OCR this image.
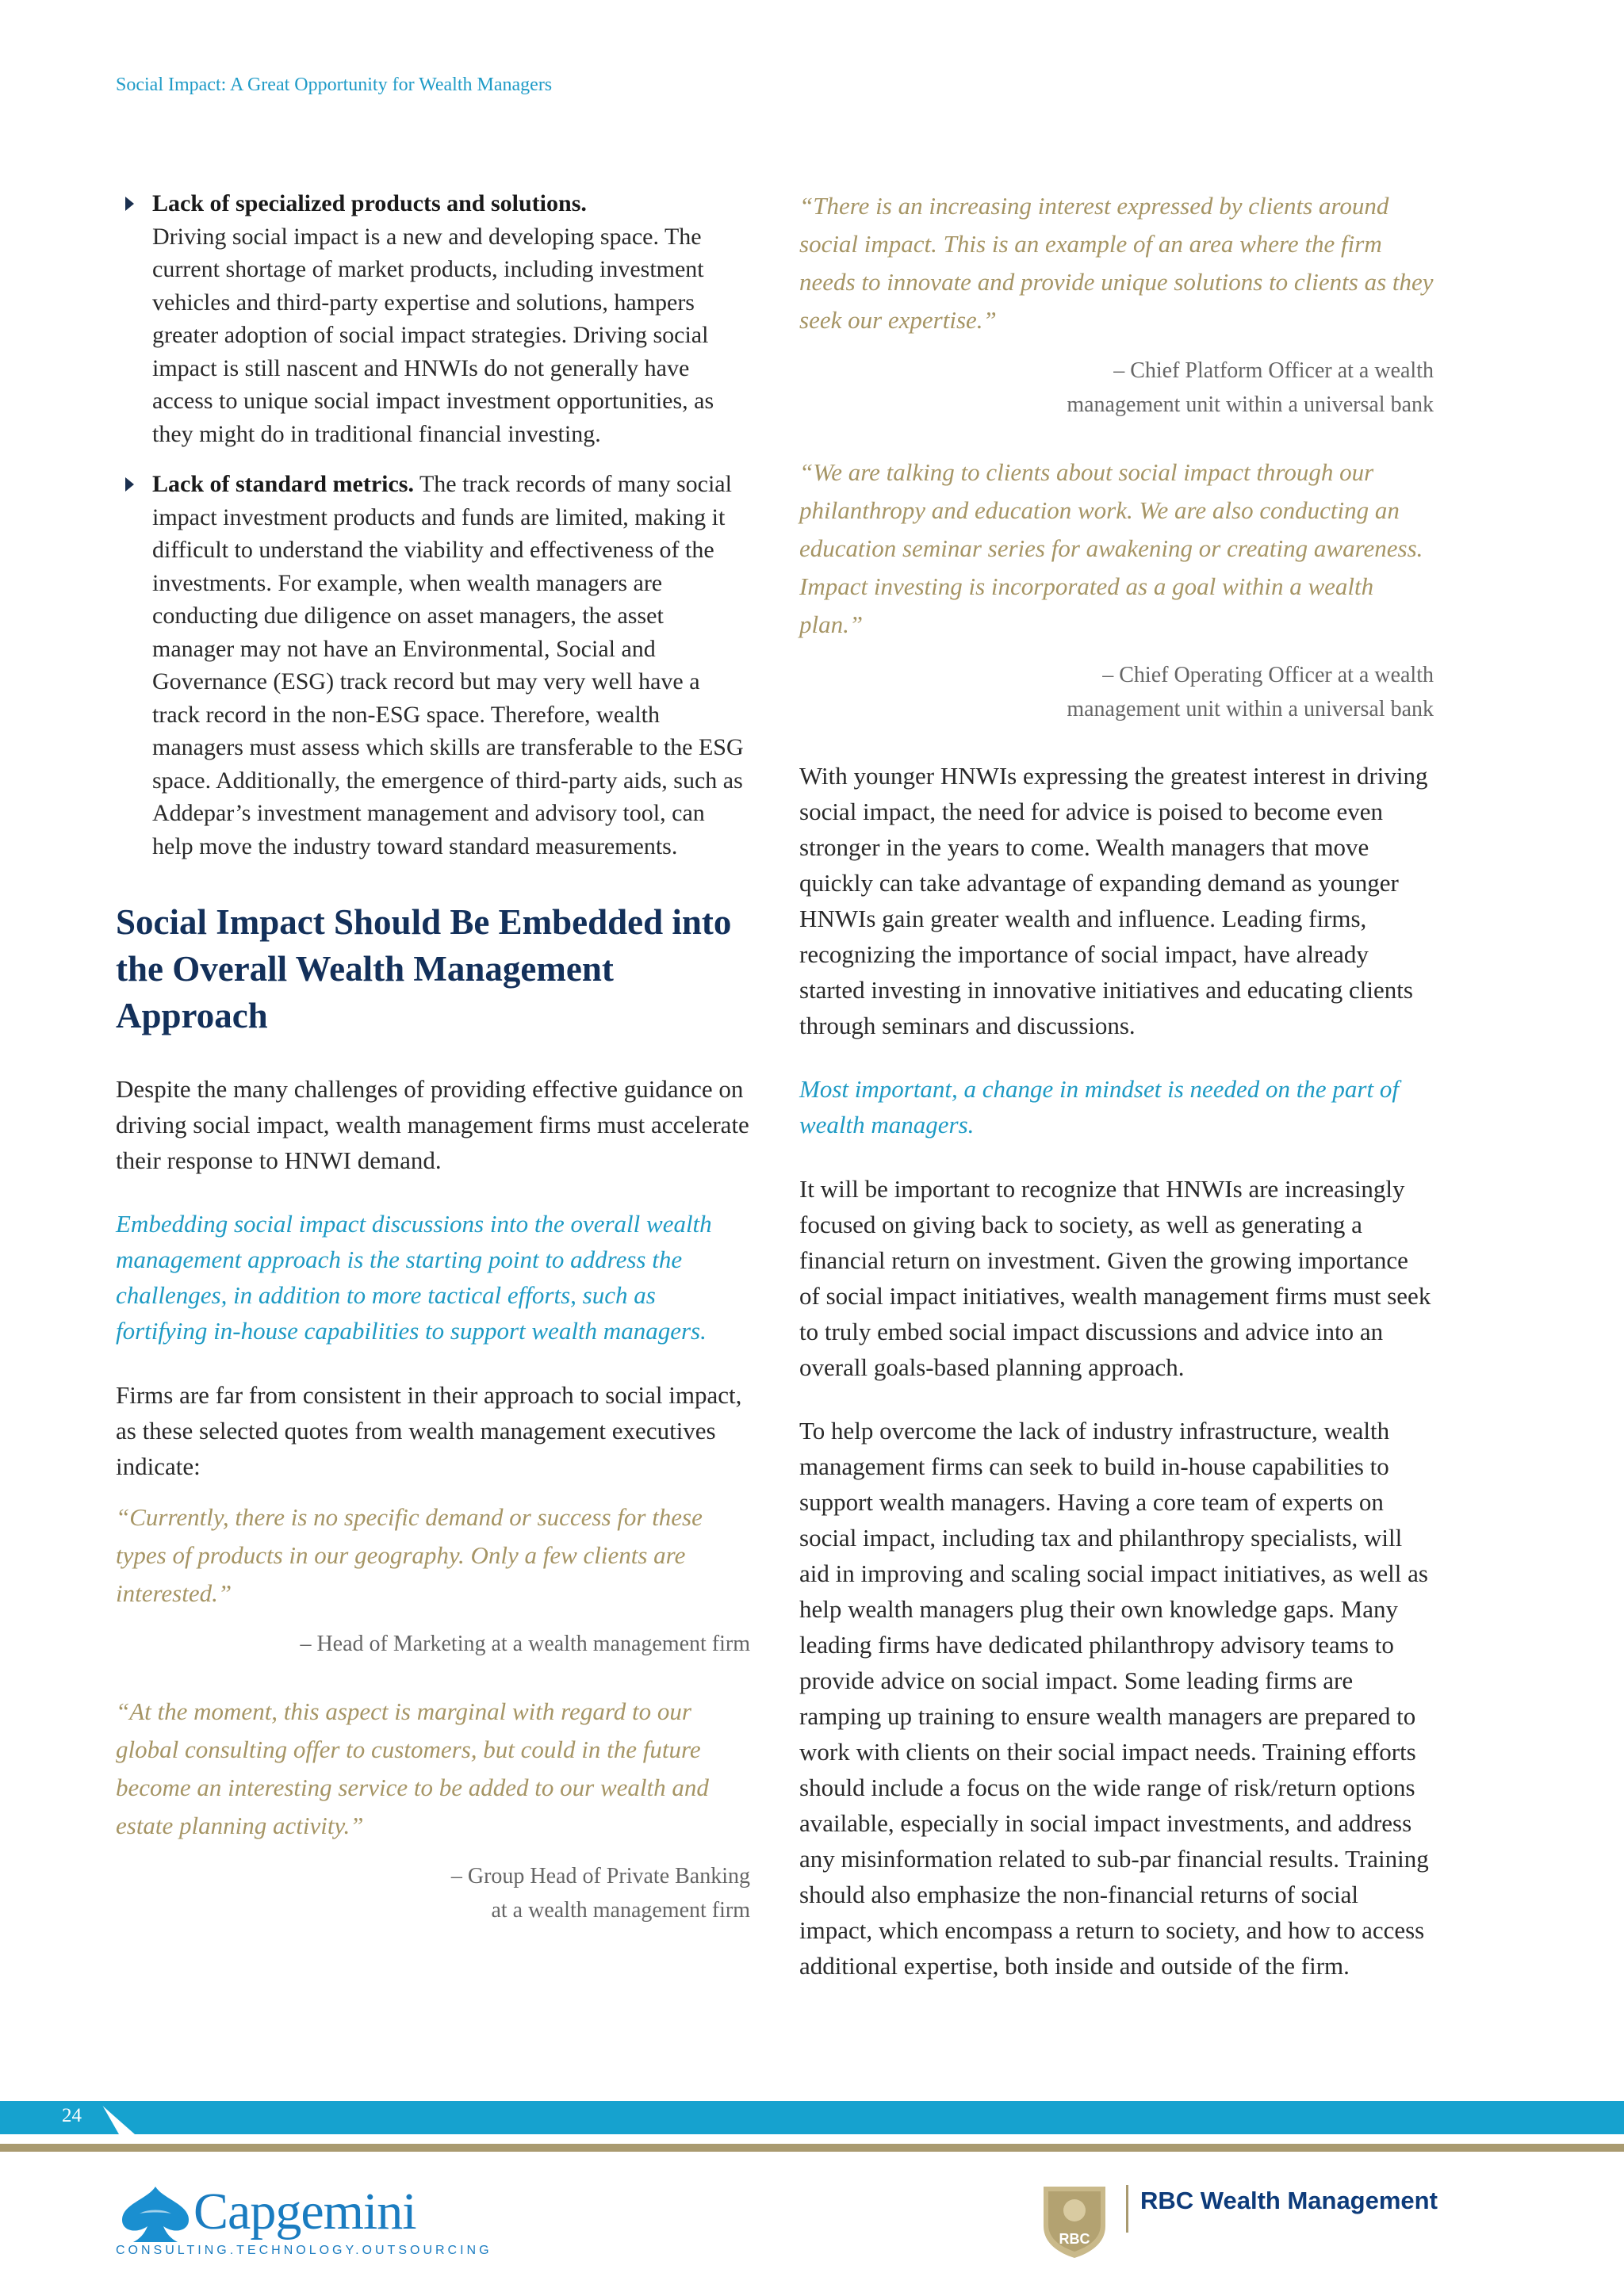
Social Impact: A Great Opportunity for Wealth Managers
Lack of specialized products and solutions.
Driving social impact is a new and developing space. The current shortage of market products, including investment vehicles and third-party expertise and solutions, hampers greater adoption of social impact strategies. Driving social impact is still nascent and HNWIs do not generally have access to unique social impact investment opportunities, as they might do in traditional financial investing.
Lack of standard metrics. The track records of many social impact investment products and funds are limited, making it difficult to understand the viability and effectiveness of the investments. For example, when wealth managers are conducting due diligence on asset managers, the asset manager may not have an Environmental, Social and Governance (ESG) track record but may very well have a track record in the non-ESG space. Therefore, wealth managers must assess which skills are transferable to the ESG space. Additionally, the emergence of third-party aids, such as Addepar’s investment management and advisory tool, can help move the industry toward standard measurements.
Social Impact Should Be Embedded into the Overall Wealth Management Approach

Despite the many challenges of providing effective guidance on driving social impact, wealth management firms must accelerate their response to HNWI demand.

Embedding social impact discussions into the overall wealth management approach is the starting point to address the challenges, in addition to more tactical efforts, such as fortifying in-house capabilities to support wealth managers.

Firms are far from consistent in their approach to social impact, as these selected quotes from wealth management executives indicate:

“Currently, there is no specific demand or success for these types of products in our geography. Only a few clients are interested.”

– Head of Marketing at a wealth management firm

“At the moment, this aspect is marginal with regard to our global consulting offer to customers, but could in the future become an interesting service to be added to our wealth and estate planning activity.”

– Group Head of Private Banking
at a wealth management firm

“There is an increasing interest expressed by clients around social impact. This is an example of an area where the firm needs to innovate and provide unique solutions to clients as they seek our expertise.”

– Chief Platform Officer at a wealth
management unit within a universal bank

“We are talking to clients about social impact through our philanthropy and education work. We are also conducting an education seminar series for awakening or creating awareness. Impact investing is incorporated as a goal within a wealth plan.”

– Chief Operating Officer at a wealth
management unit within a universal bank

With younger HNWIs expressing the greatest interest in driving social impact, the need for advice is poised to become even stronger in the years to come. Wealth managers that move quickly can take advantage of expanding demand as younger HNWIs gain greater wealth and influence. Leading firms, recognizing the importance of social impact, have already started investing in innovative initiatives and educating clients through seminars and discussions.

Most important, a change in mindset is needed on the part of wealth managers.

It will be important to recognize that HNWIs are increasingly focused on giving back to society, as well as generating a financial return on investment. Given the growing importance of social impact initiatives, wealth management firms must seek to truly embed social impact discussions and advice into an overall goals-based planning approach.

To help overcome the lack of industry infrastructure, wealth management firms can seek to build in-house capabilities to support wealth managers. Having a core team of experts on social impact, including tax and philanthropy specialists, will aid in improving and scaling social impact initiatives, as well as help wealth managers plug their own knowledge gaps. Many leading firms have dedicated philanthropy advisory teams to provide advice on social impact. Some leading firms are ramping up training to ensure wealth managers are prepared to work with clients on their social impact needs. Training efforts should include a focus on the wide range of risk/return options available, especially in social impact investments, and address any misinformation related to sub-par financial results. Training should also emphasize the non-financial returns of social impact, which encompass a return to society, and how to access additional expertise, both inside and outside of the firm.

24
Capgemini
CONSULTING.TECHNOLOGY.OUTSOURCING
RBC
RBC Wealth Management
